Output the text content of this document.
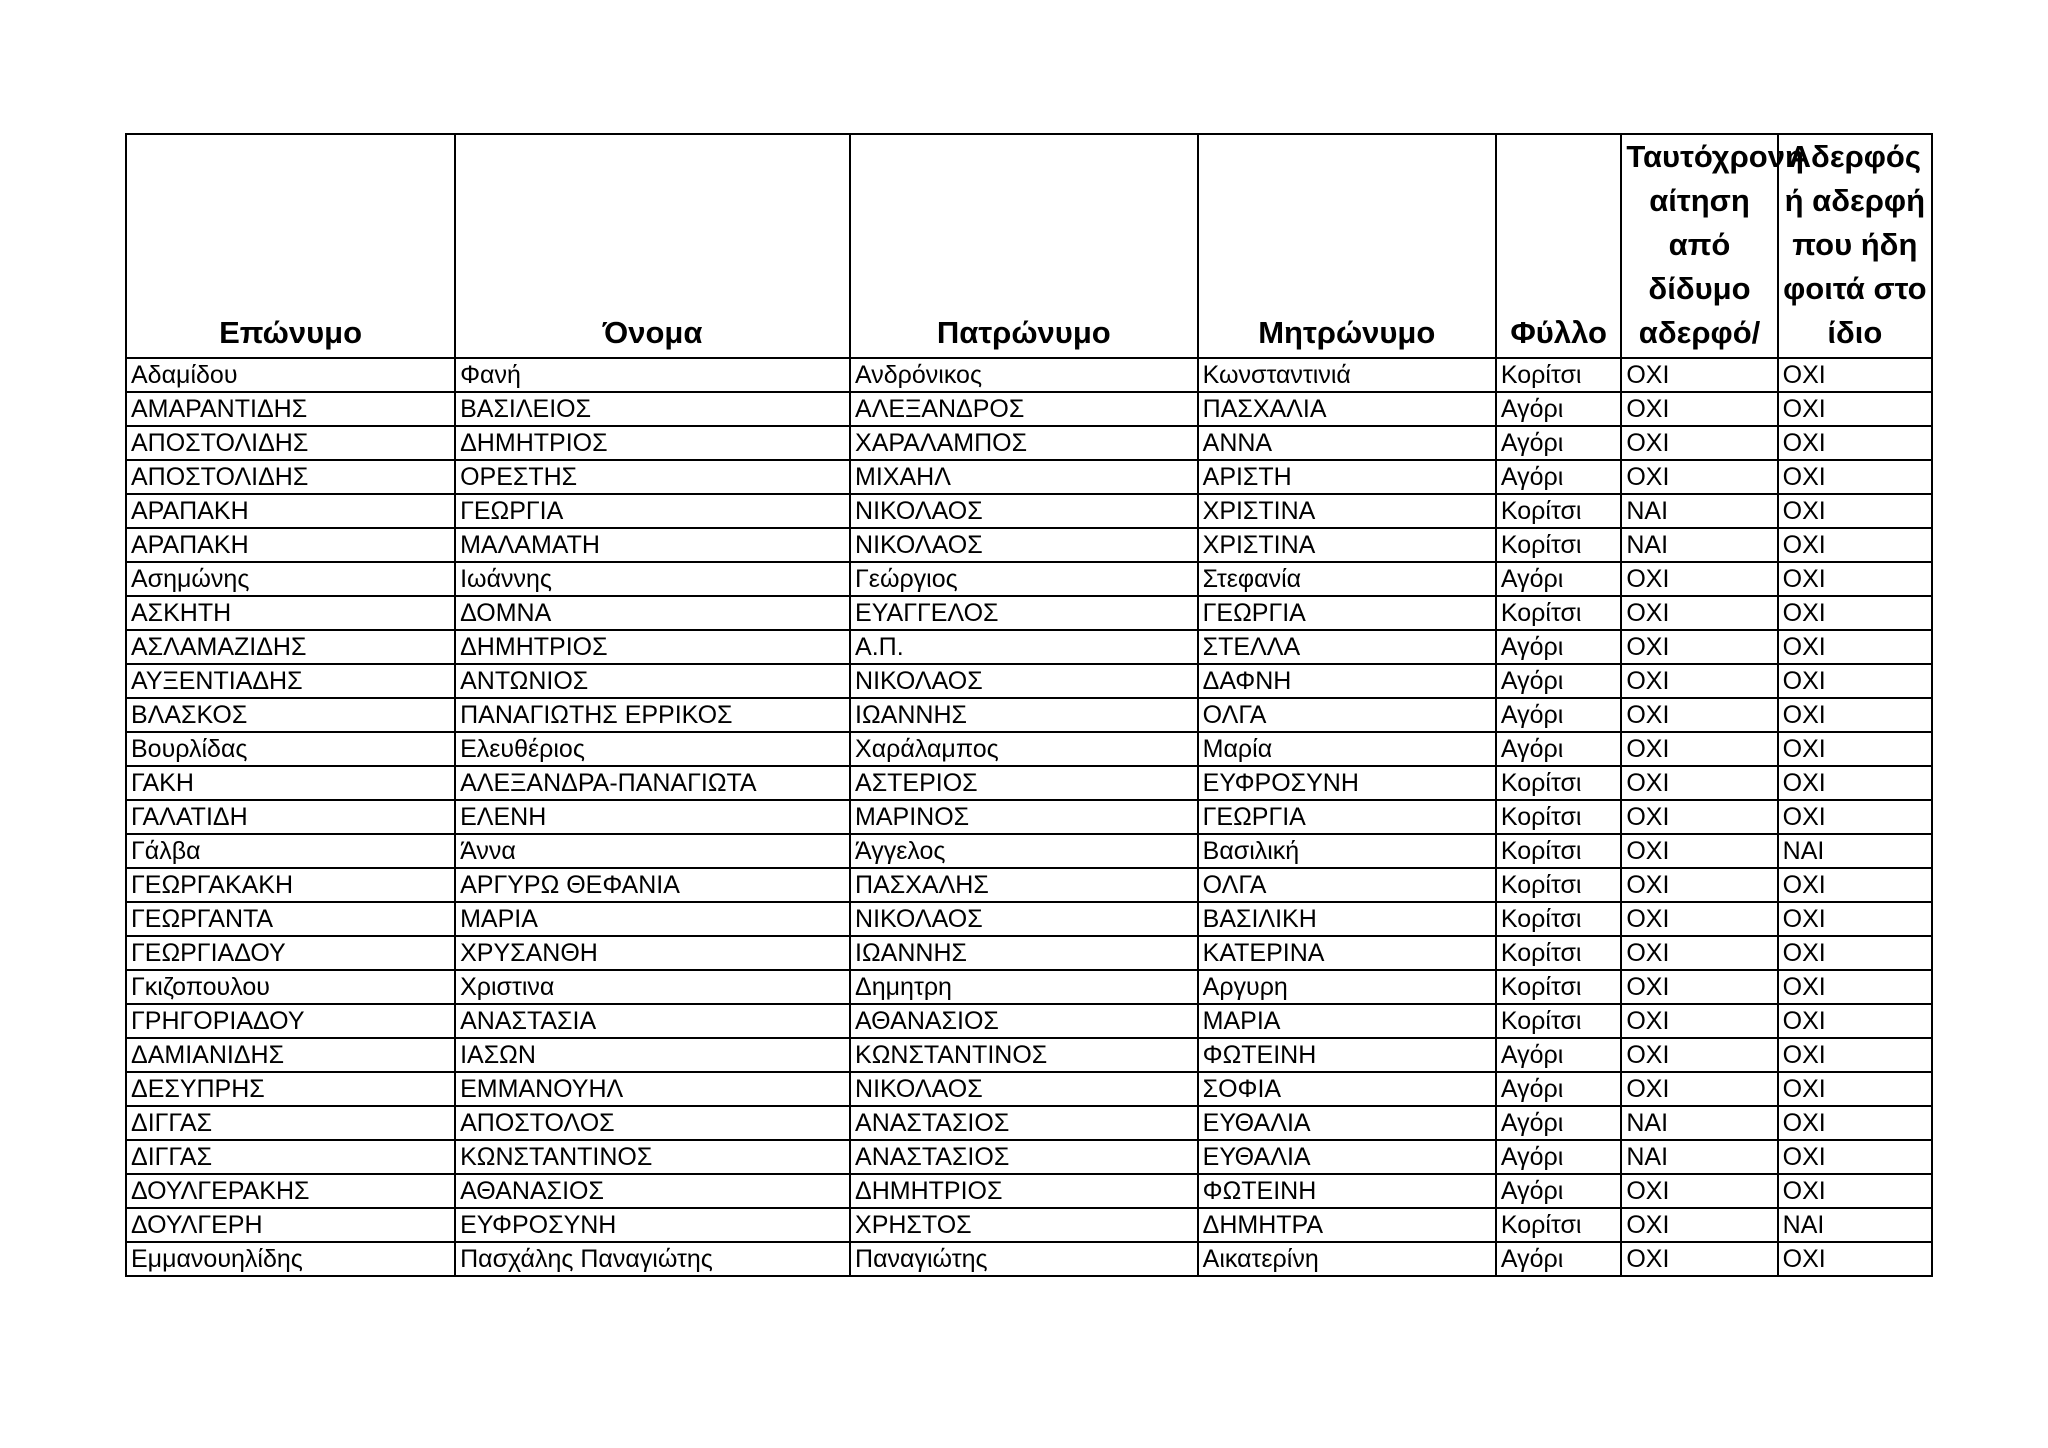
Επώνυμο	Όνομα	Πατρώνυμο	Μητρώνυμο	Φύλλο	Ταυτόχρονη αίτηση από δίδυμο αδερφό/	Αδερφός ή αδερφή που ήδη φοιτά στο ίδιο
Αδαμίδου	Φανή	Ανδρόνικος	Κωνσταντινιά	Κορίτσι	ΟΧΙ	ΟΧΙ
ΑΜΑΡΑΝΤΙΔΗΣ	ΒΑΣΙΛΕΙΟΣ	ΑΛΕΞΑΝΔΡΟΣ	ΠΑΣΧΑΛΙΑ	Αγόρι	ΟΧΙ	ΟΧΙ
ΑΠΟΣΤΟΛΙΔΗΣ	ΔΗΜΗΤΡΙΟΣ	ΧΑΡΑΛΑΜΠΟΣ	ΑΝΝΑ	Αγόρι	ΟΧΙ	ΟΧΙ
ΑΠΟΣΤΟΛΙΔΗΣ	ΟΡΕΣΤΗΣ	ΜΙΧΑΗΛ	ΑΡΙΣΤΗ	Αγόρι	ΟΧΙ	ΟΧΙ
ΑΡΑΠΑΚΗ	ΓΕΩΡΓΙΑ	ΝΙΚΟΛΑΟΣ	ΧΡΙΣΤΙΝΑ	Κορίτσι	ΝΑΙ	ΟΧΙ
ΑΡΑΠΑΚΗ	ΜΑΛΑΜΑΤΗ	ΝΙΚΟΛΑΟΣ	ΧΡΙΣΤΙΝΑ	Κορίτσι	ΝΑΙ	ΟΧΙ
Ασημώνης	Ιωάννης	Γεώργιος	Στεφανία	Αγόρι	ΟΧΙ	ΟΧΙ
ΑΣΚΗΤΗ	ΔΟΜΝΑ	ΕΥΑΓΓΕΛΟΣ	ΓΕΩΡΓΙΑ	Κορίτσι	ΟΧΙ	ΟΧΙ
ΑΣΛΑΜΑΖΙΔΗΣ	ΔΗΜΗΤΡΙΟΣ	Α.Π.	ΣΤΕΛΛΑ	Αγόρι	ΟΧΙ	ΟΧΙ
ΑΥΞΕΝΤΙΑΔΗΣ	ΑΝΤΩΝΙΟΣ	ΝΙΚΟΛΑΟΣ	ΔΑΦΝΗ	Αγόρι	ΟΧΙ	ΟΧΙ
ΒΛΑΣΚΟΣ	ΠΑΝΑΓΙΩΤΗΣ ΕΡΡΙΚΟΣ	ΙΩΑΝΝΗΣ	ΟΛΓΑ	Αγόρι	ΟΧΙ	ΟΧΙ
Βουρλίδας	Ελευθέριος	Χαράλαμπος	Μαρία	Αγόρι	ΟΧΙ	ΟΧΙ
ΓΑΚΗ	ΑΛΕΞΑΝΔΡΑ-ΠΑΝΑΓΙΩΤΑ	ΑΣΤΕΡΙΟΣ	ΕΥΦΡΟΣΥΝΗ	Κορίτσι	ΟΧΙ	ΟΧΙ
ΓΑΛΑΤΙΔΗ	ΕΛΕΝΗ	ΜΑΡΙΝΟΣ	ΓΕΩΡΓΙΑ	Κορίτσι	ΟΧΙ	ΟΧΙ
Γάλβα	Άννα	Άγγελος	Βασιλική	Κορίτσι	ΟΧΙ	ΝΑΙ
ΓΕΩΡΓΑΚΑΚΗ	ΑΡΓΥΡΩ ΘΕΦΑΝΙΑ	ΠΑΣΧΑΛΗΣ	ΟΛΓΑ	Κορίτσι	ΟΧΙ	ΟΧΙ
ΓΕΩΡΓΑΝΤΑ	ΜΑΡΙΑ	ΝΙΚΟΛΑΟΣ	ΒΑΣΙΛΙΚΗ	Κορίτσι	ΟΧΙ	ΟΧΙ
ΓΕΩΡΓΙΑΔΟΥ	ΧΡΥΣΑΝΘΗ	ΙΩΑΝΝΗΣ	ΚΑΤΕΡΙΝΑ	Κορίτσι	ΟΧΙ	ΟΧΙ
Γκιζοπουλου	Χριστινα	Δημητρη	Αργυρη	Κορίτσι	ΟΧΙ	ΟΧΙ
ΓΡΗΓΟΡΙΑΔΟΥ	ΑΝΑΣΤΑΣΙΑ	ΑΘΑΝΑΣΙΟΣ	ΜΑΡΙΑ	Κορίτσι	ΟΧΙ	ΟΧΙ
ΔΑΜΙΑΝΙΔΗΣ	ΙΑΣΩΝ	ΚΩΝΣΤΑΝΤΙΝΟΣ	ΦΩΤΕΙΝΗ	Αγόρι	ΟΧΙ	ΟΧΙ
ΔΕΣΥΠΡΗΣ	ΕΜΜΑΝΟΥΗΛ	ΝΙΚΟΛΑΟΣ	ΣΟΦΙΑ	Αγόρι	ΟΧΙ	ΟΧΙ
ΔΙΓΓΑΣ	ΑΠΟΣΤΟΛΟΣ	ΑΝΑΣΤΑΣΙΟΣ	ΕΥΘΑΛΙΑ	Αγόρι	ΝΑΙ	ΟΧΙ
ΔΙΓΓΑΣ	ΚΩΝΣΤΑΝΤΙΝΟΣ	ΑΝΑΣΤΑΣΙΟΣ	ΕΥΘΑΛΙΑ	Αγόρι	ΝΑΙ	ΟΧΙ
ΔΟΥΛΓΕΡΑΚΗΣ	ΑΘΑΝΑΣΙΟΣ	ΔΗΜΗΤΡΙΟΣ	ΦΩΤΕΙΝΗ	Αγόρι	ΟΧΙ	ΟΧΙ
ΔΟΥΛΓΕΡΗ	ΕΥΦΡΟΣΥΝΗ	ΧΡΗΣΤΟΣ	ΔΗΜΗΤΡΑ	Κορίτσι	ΟΧΙ	ΝΑΙ
Εμμανουηλίδης	Πασχάλης Παναγιώτης	Παναγιώτης	Αικατερίνη	Αγόρι	ΟΧΙ	ΟΧΙ
